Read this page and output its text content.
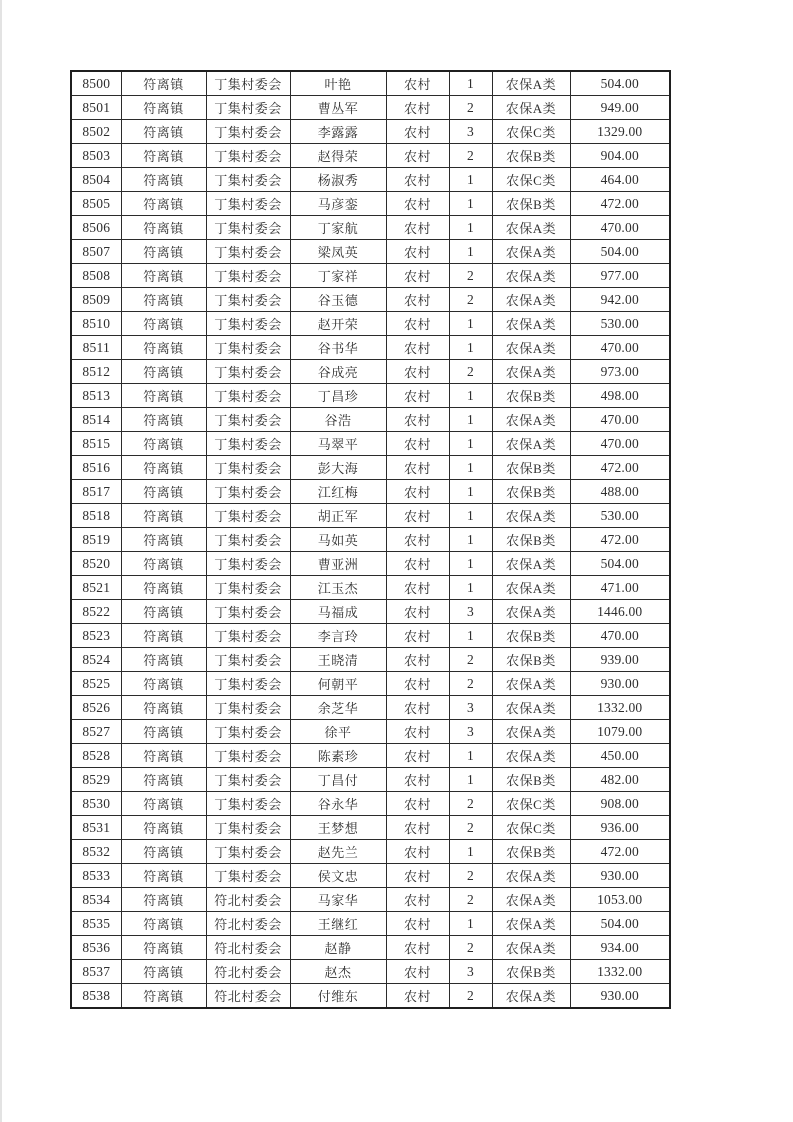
8500	符离镇	丁集村委会	叶艳	农村	1	农保A类	504.00
8501	符离镇	丁集村委会	曹丛军	农村	2	农保A类	949.00
8502	符离镇	丁集村委会	李露露	农村	3	农保C类	1329.00
8503	符离镇	丁集村委会	赵得荣	农村	2	农保B类	904.00
8504	符离镇	丁集村委会	杨淑秀	农村	1	农保C类	464.00
8505	符离镇	丁集村委会	马彦銮	农村	1	农保B类	472.00
8506	符离镇	丁集村委会	丁家航	农村	1	农保A类	470.00
8507	符离镇	丁集村委会	梁凤英	农村	1	农保A类	504.00
8508	符离镇	丁集村委会	丁家祥	农村	2	农保A类	977.00
8509	符离镇	丁集村委会	谷玉德	农村	2	农保A类	942.00
8510	符离镇	丁集村委会	赵开荣	农村	1	农保A类	530.00
8511	符离镇	丁集村委会	谷书华	农村	1	农保A类	470.00
8512	符离镇	丁集村委会	谷成亮	农村	2	农保A类	973.00
8513	符离镇	丁集村委会	丁昌珍	农村	1	农保B类	498.00
8514	符离镇	丁集村委会	谷浩	农村	1	农保A类	470.00
8515	符离镇	丁集村委会	马翠平	农村	1	农保A类	470.00
8516	符离镇	丁集村委会	彭大海	农村	1	农保B类	472.00
8517	符离镇	丁集村委会	江红梅	农村	1	农保B类	488.00
8518	符离镇	丁集村委会	胡正军	农村	1	农保A类	530.00
8519	符离镇	丁集村委会	马如英	农村	1	农保B类	472.00
8520	符离镇	丁集村委会	曹亚洲	农村	1	农保A类	504.00
8521	符离镇	丁集村委会	江玉杰	农村	1	农保A类	471.00
8522	符离镇	丁集村委会	马福成	农村	3	农保A类	1446.00
8523	符离镇	丁集村委会	李言玲	农村	1	农保B类	470.00
8524	符离镇	丁集村委会	王晓清	农村	2	农保B类	939.00
8525	符离镇	丁集村委会	何朝平	农村	2	农保A类	930.00
8526	符离镇	丁集村委会	余芝华	农村	3	农保A类	1332.00
8527	符离镇	丁集村委会	徐平	农村	3	农保A类	1079.00
8528	符离镇	丁集村委会	陈素珍	农村	1	农保A类	450.00
8529	符离镇	丁集村委会	丁昌付	农村	1	农保B类	482.00
8530	符离镇	丁集村委会	谷永华	农村	2	农保C类	908.00
8531	符离镇	丁集村委会	王梦想	农村	2	农保C类	936.00
8532	符离镇	丁集村委会	赵先兰	农村	1	农保B类	472.00
8533	符离镇	丁集村委会	侯文忠	农村	2	农保A类	930.00
8534	符离镇	符北村委会	马家华	农村	2	农保A类	1053.00
8535	符离镇	符北村委会	王继红	农村	1	农保A类	504.00
8536	符离镇	符北村委会	赵静	农村	2	农保A类	934.00
8537	符离镇	符北村委会	赵杰	农村	3	农保B类	1332.00
8538	符离镇	符北村委会	付维东	农村	2	农保A类	930.00
